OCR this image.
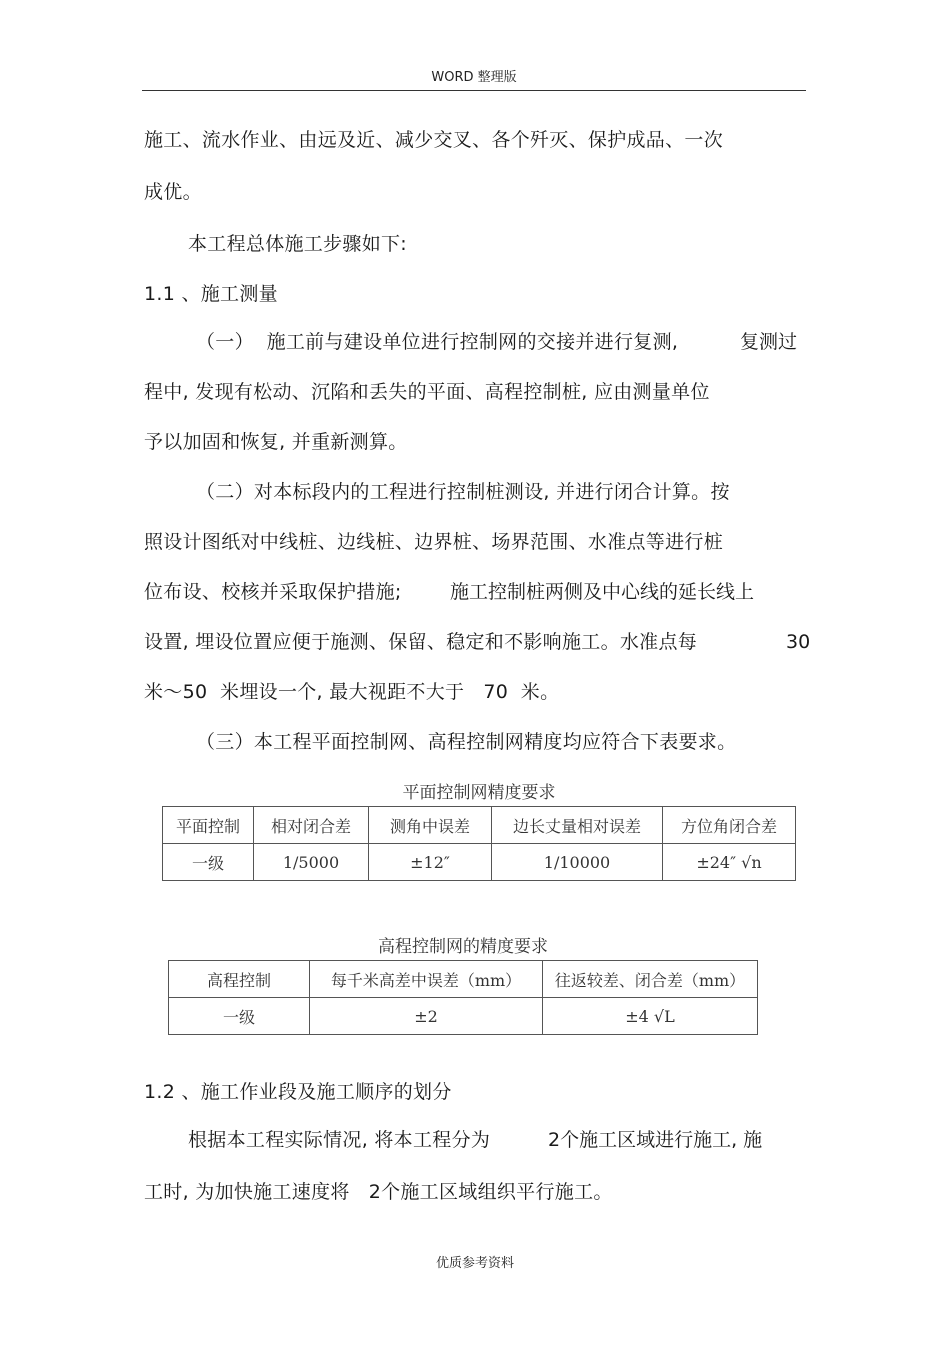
WORD 整理版
施工、流水作业、由远及近、减少交叉、各个歼灭、保护成品、一次
成优。
本工程总体施工步骤如下:
1.1 、施工测量
（一）  施工前与建设单位进行控制网的交接并进行复测,	复测过
程中, 发现有松动、沉陷和丢失的平面、高程控制桩, 应由测量单位
予以加固和恢复, 并重新测算。
（二）对本标段内的工程进行控制桩测设, 并进行闭合计算。按
照设计图纸对中线桩、边线桩、边界桩、场界范围、水准点等进行桩
位布设、校核并采取保护措施;	施工控制桩两侧及中心线的延长线上
设置, 埋设位置应便于施测、保留、稳定和不影响施工。水准点每	30
米～50  米埋设一个, 最大视距不大于   70  米。
（三）本工程平面控制网、高程控制网精度均应符合下表要求。
平面控制网精度要求
平面控制	相对闭合差	测角中误差	边长丈量相对误差	方位角闭合差
一级	1/5000	±12″	1/10000	±24″ √n
高程控制网的精度要求
高程控制	每千米高差中误差（mm）	往返较差、闭合差（mm）
一级	±2	±4 √L
1.2 、施工作业段及施工顺序的划分
根据本工程实际情况, 将本工程分为	2个施工区域进行施工, 施
工时, 为加快施工速度将   2个施工区域组织平行施工。
优质参考资料
